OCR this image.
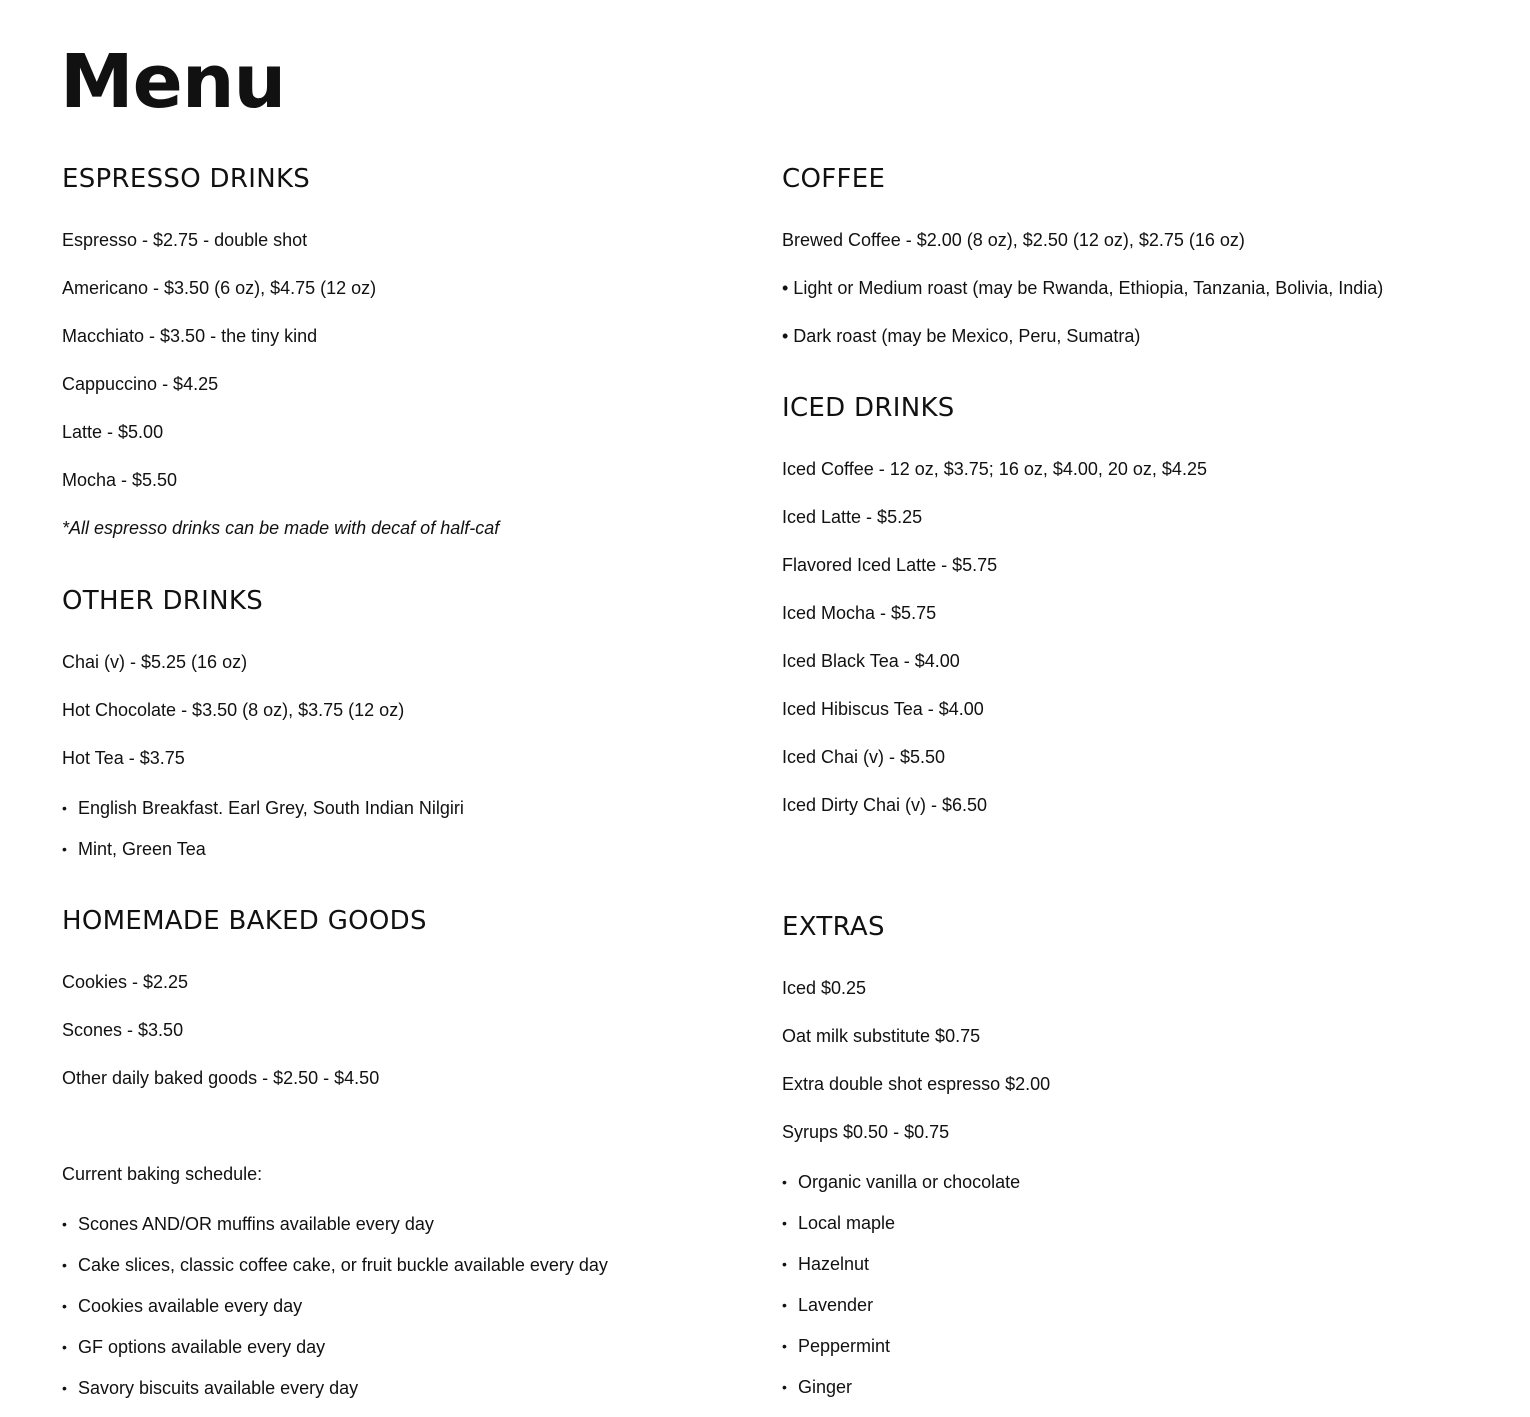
Menu
ESPRESSO DRINKS
Espresso - $2.75 - double shot
Americano - $3.50 (6 oz), $4.75 (12 oz)
Macchiato - $3.50 - the tiny kind
Cappuccino - $4.25
Latte - $5.00
Mocha - $5.50
*All espresso drinks can be made with decaf of half-caf
OTHER DRINKS
Chai (v) - $5.25 (16 oz)
Hot Chocolate - $3.50 (8 oz), $3.75 (12 oz)
Hot Tea - $3.75
• English Breakfast. Earl Grey, South Indian Nilgiri
• Mint, Green Tea
HOMEMADE BAKED GOODS
Cookies - $2.25
Scones - $3.50
Other daily baked goods - $2.50 - $4.50
Current baking schedule:
• Scones AND/OR muffins available every day
• Cake slices, classic coffee cake, or fruit buckle available every day
• Cookies available every day
• GF options available every day
• Savory biscuits available every day
COFFEE
Brewed Coffee - $2.00 (8 oz), $2.50 (12 oz), $2.75 (16 oz)
• Light or Medium roast (may be Rwanda, Ethiopia, Tanzania, Bolivia, India)
• Dark roast (may be Mexico, Peru, Sumatra)
ICED DRINKS
Iced Coffee - 12 oz, $3.75; 16 oz, $4.00, 20 oz, $4.25
Iced Latte - $5.25
Flavored Iced Latte - $5.75
Iced Mocha - $5.75
Iced Black Tea - $4.00
Iced Hibiscus Tea - $4.00
Iced Chai (v) - $5.50
Iced Dirty Chai (v) - $6.50
EXTRAS
Iced $0.25
Oat milk substitute $0.75
Extra double shot espresso $2.00
Syrups $0.50 - $0.75
• Organic vanilla or chocolate
• Local maple
• Hazelnut
• Lavender
• Peppermint
• Ginger
